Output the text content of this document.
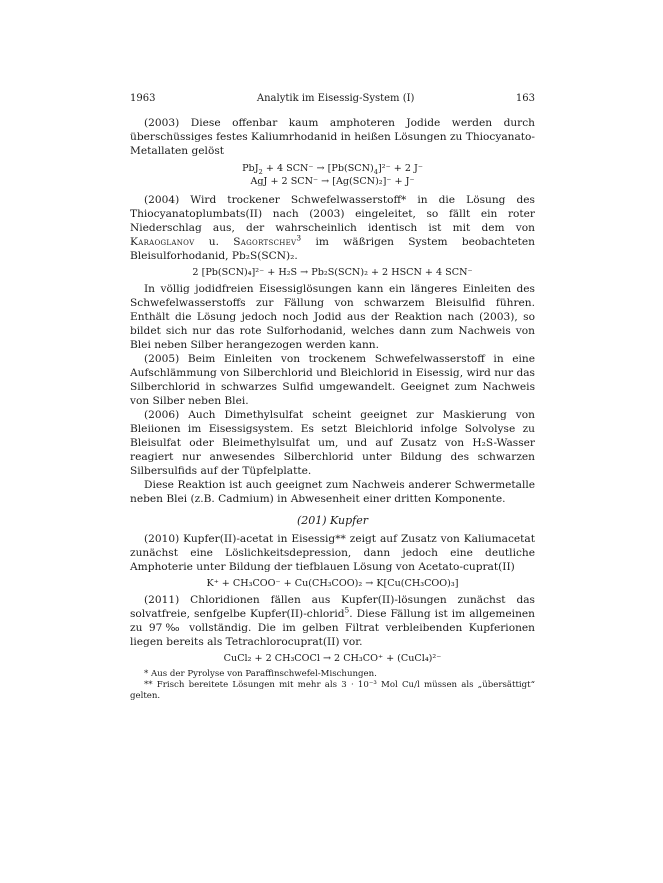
1963	Analytik im Eisessig-System (I)	163

(2003) Diese offenbar kaum amphoteren Jodide werden durch überschüssiges festes Kaliumrhodanid in heißen Lösungen zu Thiocyanato-Metallaten gelöst

PbJ$_2$ + 4 $SCN^- \to [Pb(SCN)_4]^{2-} + 2$ J⁻
AgJ + 2 SCN⁻ → [Ag(SCN)₂]⁻ + J⁻

(2004) Wird trockener Schwefelwasserstoff* in die Lösung des Thiocyanatoplumbats(II) nach (2003) eingeleitet, so fällt ein roter Niederschlag aus, der wahrscheinlich identisch ist mit dem von Karaoglanov u. Sagortschev$^3$ im wäßrigen System beobachteten Bleisulforhodanid, Pb₂S(SCN)₂.

2 [Pb(SCN)₄]²⁻ + H₂S → Pb₂S(SCN)₂ + 2 HSCN + 4 SCN⁻

In völlig jodidfreien Eisessiglösungen kann ein längeres Einleiten des Schwefelwasserstoffs zur Fällung von schwarzem Bleisulfid führen. Enthält die Lösung jedoch noch Jodid aus der Reaktion nach (2003), so bildet sich nur das rote Sulforhodanid, welches dann zum Nachweis von Blei neben Silber herangezogen werden kann.

(2005) Beim Einleiten von trockenem Schwefelwasserstoff in eine Aufschlämmung von Silberchlorid und Bleichlorid in Eisessig, wird nur das Silberchlorid in schwarzes Sulfid umgewandelt. Geeignet zum Nachweis von Silber neben Blei.

(2006) Auch Dimethylsulfat scheint geeignet zur Maskierung von Bleiionen im Eisessigsystem. Es setzt Bleichlorid infolge Solvolyse zu Bleisulfat oder Bleimethylsulfat um, und auf Zusatz von H₂S-Wasser reagiert nur anwesendes Silberchlorid unter Bildung des schwarzen Silbersulfids auf der Tüpfelplatte.

Diese Reaktion ist auch geeignet zum Nachweis anderer Schwermetalle neben Blei (z.B. Cadmium) in Abwesenheit einer dritten Komponente.

(201) Kupfer

(2010) Kupfer(II)-acetat in Eisessig** zeigt auf Zusatz von Kaliumacetat zunächst eine Löslichkeitsdepression, dann jedoch eine deutliche Amphoterie unter Bildung der tiefblauen Lösung von Acetato-cuprat(II)

K⁺ + CH₃COO⁻ + Cu(CH₃COO)₂ → K[Cu(CH₃COO)₃]

(2011) Chloridionen fällen aus Kupfer(II)-lösungen zunächst das solvatfreie, senfgelbe Kupfer(II)-chlorid$^5$. Diese Fällung ist im allgemeinen zu 97‰ vollständig. Die im gelben Filtrat verbleibenden Kupferionen liegen bereits als Tetrachlorocuprat(II) vor.

CuCl₂ + 2 CH₃COCl → 2 CH₃CO⁺ + (CuCl₄)²⁻

* Aus der Pyrolyse von Paraffinschwefel-Mischungen.

** Frisch bereitete Lösungen mit mehr als 3 · 10⁻³ Mol Cu/l müssen als „übersättigt“ gelten.
